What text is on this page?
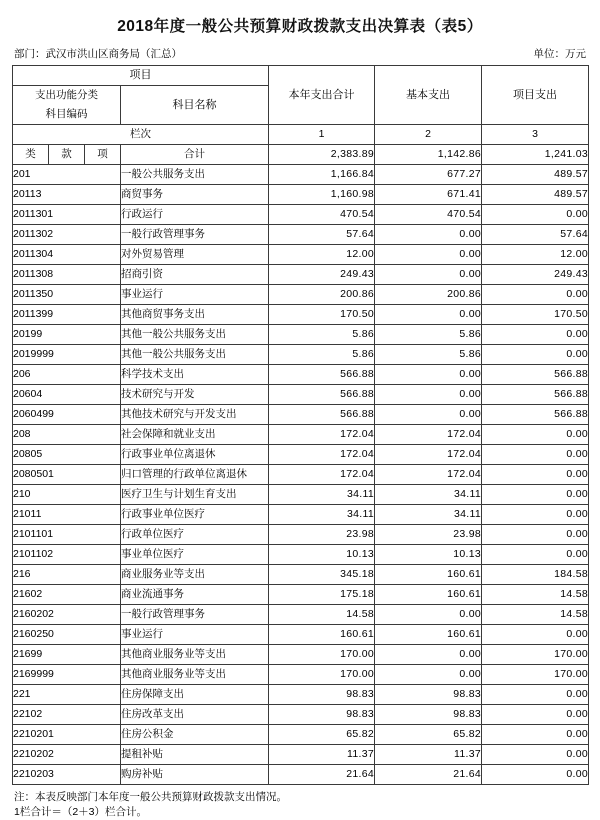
2018年度一般公共预算财政拨款支出决算表（表5）
部门：武汉市洪山区商务局（汇总）	单位：万元
项目				本年支出合计	基本支出	项目支出
支出功能分类
科目编码			科目名称			
栏次				1	2	3
类	款	项	合计	2,383.89	1,142.86	1,241.03
201			一般公共服务支出	1,166.84	677.27	489.57
20113			商贸事务	1,160.98	671.41	489.57
2011301			行政运行	470.54	470.54	0.00
2011302			一般行政管理事务	57.64	0.00	57.64
2011304			对外贸易管理	12.00	0.00	12.00
2011308			招商引资	249.43	0.00	249.43
2011350			事业运行	200.86	200.86	0.00
2011399			其他商贸事务支出	170.50	0.00	170.50
20199			其他一般公共服务支出	5.86	5.86	0.00
2019999			其他一般公共服务支出	5.86	5.86	0.00
206			科学技术支出	566.88	0.00	566.88
20604			技术研究与开发	566.88	0.00	566.88
2060499			其他技术研究与开发支出	566.88	0.00	566.88
208			社会保障和就业支出	172.04	172.04	0.00
20805			行政事业单位离退休	172.04	172.04	0.00
2080501			归口管理的行政单位离退休	172.04	172.04	0.00
210			医疗卫生与计划生育支出	34.11	34.11	0.00
21011			行政事业单位医疗	34.11	34.11	0.00
2101101			行政单位医疗	23.98	23.98	0.00
2101102			事业单位医疗	10.13	10.13	0.00
216			商业服务业等支出	345.18	160.61	184.58
21602			商业流通事务	175.18	160.61	14.58
2160202			一般行政管理事务	14.58	0.00	14.58
2160250			事业运行	160.61	160.61	0.00
21699			其他商业服务业等支出	170.00	0.00	170.00
2169999			其他商业服务业等支出	170.00	0.00	170.00
221			住房保障支出	98.83	98.83	0.00
22102			住房改革支出	98.83	98.83	0.00
2210201			住房公积金	65.82	65.82	0.00
2210202			提租补贴	11.37	11.37	0.00
2210203			购房补贴	21.64	21.64	0.00
注：本表反映部门本年度一般公共预算财政拨款支出情况。
1栏合计＝（2＋3）栏合计。
